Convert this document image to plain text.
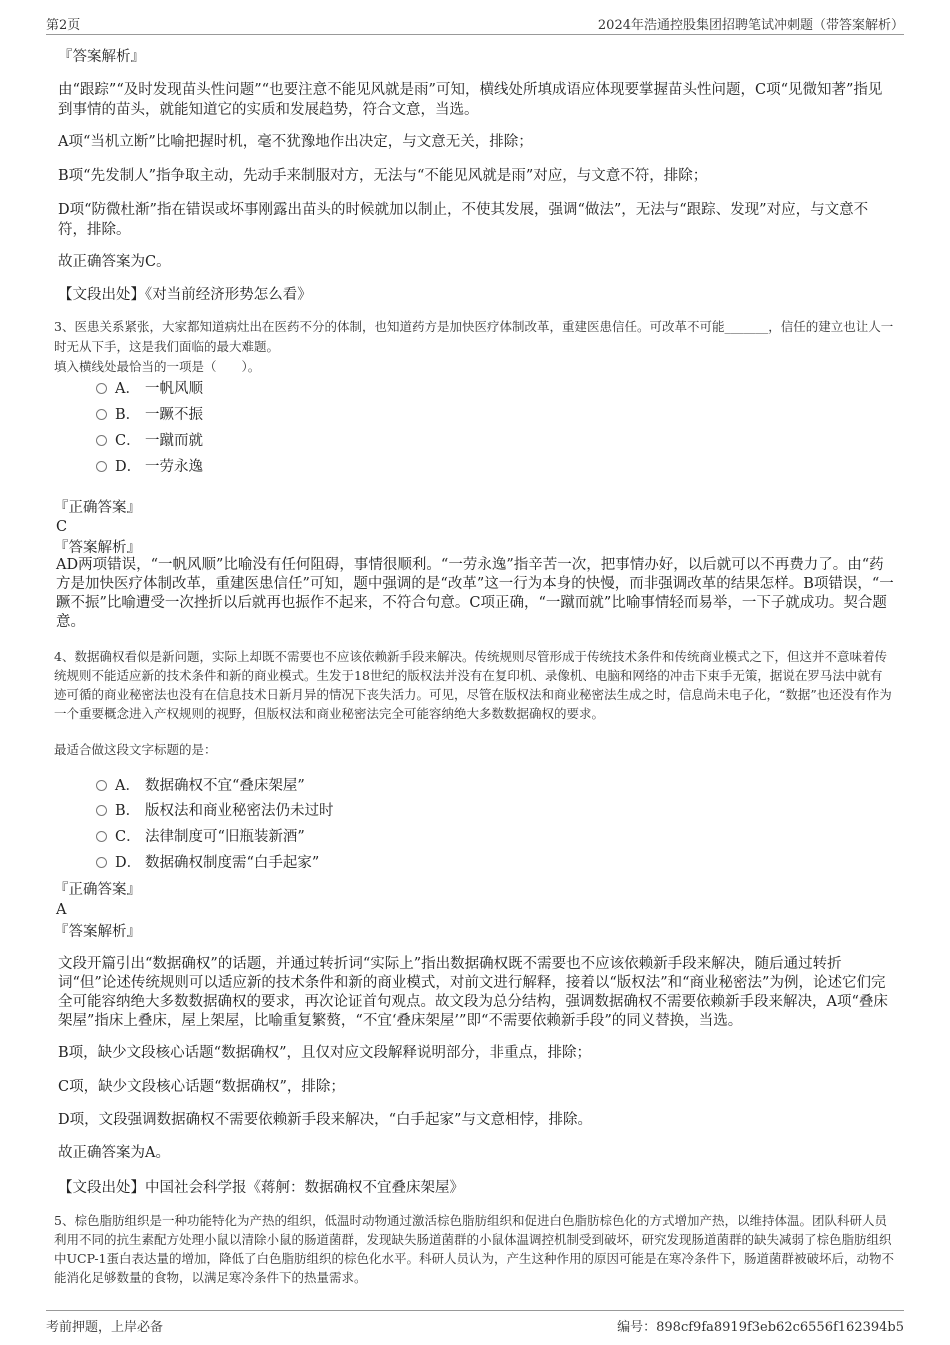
第2页	2024年浩通控股集团招聘笔试冲刺题（带答案解析）

『答案解析』

由“跟踪”“及时发现苗头性问题”“也要注意不能见风就是雨”可知，横线处所填成语应体现要掌握苗头性问题，C项“见微知著”指见到事情的苗头，就能知道它的实质和发展趋势，符合文意，当选。

A项“当机立断”比喻把握时机，毫不犹豫地作出决定，与文意无关，排除；

B项“先发制人”指争取主动，先动手来制服对方，无法与“不能见风就是雨”对应，与文意不符，排除；

D项“防微杜渐”指在错误或坏事刚露出苗头的时候就加以制止，不使其发展，强调“做法”，无法与“跟踪、发现”对应，与文意不符，排除。

故正确答案为C。

【文段出处】《对当前经济形势怎么看》

3、医患关系紧张，大家都知道病灶出在医药不分的体制，也知道药方是加快医疗体制改革，重建医患信任。可改革不可能_______，信任的建立也让人一时无从下手，这是我们面临的最大难题。

填入横线处最恰当的一项是（　　）。

A． 一帆风顺
B． 一蹶不振
C． 一蹴而就
D． 一劳永逸

『正确答案』

C

『答案解析』

AD两项错误，“一帆风顺”比喻没有任何阻碍，事情很顺利。“一劳永逸”指辛苦一次，把事情办好，以后就可以不再费力了。由“药方是加快医疗体制改革，重建医患信任”可知，题中强调的是“改革”这一行为本身的快慢，而非强调改革的结果怎样。B项错误，“一蹶不振”比喻遭受一次挫折以后就再也振作不起来，不符合句意。C项正确，“一蹴而就”比喻事情轻而易举，一下子就成功。契合题意。

4、数据确权看似是新问题，实际上却既不需要也不应该依赖新手段来解决。传统规则尽管形成于传统技术条件和传统商业模式之下，但这并不意味着传统规则不能适应新的技术条件和新的商业模式。生发于18世纪的版权法并没有在复印机、录像机、电脑和网络的冲击下束手无策，据说在罗马法中就有迹可循的商业秘密法也没有在信息技术日新月异的情况下丧失活力。可见，尽管在版权法和商业秘密法生成之时，信息尚未电子化，“数据”也还没有作为一个重要概念进入产权规则的视野，但版权法和商业秘密法完全可能容纳绝大多数数据确权的要求。

最适合做这段文字标题的是：

A． 数据确权不宜“叠床架屋”
B． 版权法和商业秘密法仍未过时
C． 法律制度可“旧瓶装新酒”
D． 数据确权制度需“白手起家”

『正确答案』

A

『答案解析』

文段开篇引出“数据确权”的话题，并通过转折词“实际上”指出数据确权既不需要也不应该依赖新手段来解决，随后通过转折词“但”论述传统规则可以适应新的技术条件和新的商业模式，对前文进行解释，接着以“版权法”和“商业秘密法”为例，论述它们完全可能容纳绝大多数数据确权的要求，再次论证首句观点。故文段为总分结构，强调数据确权不需要依赖新手段来解决，A项“叠床架屋”指床上叠床，屋上架屋，比喻重复繁赘，“不宜‘叠床架屋’”即“不需要依赖新手段”的同义替换，当选。

B项，缺少文段核心话题“数据确权”，且仅对应文段解释说明部分，非重点，排除；

C项，缺少文段核心话题“数据确权”，排除；

D项，文段强调数据确权不需要依赖新手段来解决，“白手起家”与文意相悖，排除。

故正确答案为A。

【文段出处】中国社会科学报《蒋舸：数据确权不宜叠床架屋》

5、棕色脂肪组织是一种功能特化为产热的组织，低温时动物通过激活棕色脂肪组织和促进白色脂肪棕色化的方式增加产热，以维持体温。团队科研人员利用不同的抗生素配方处理小鼠以清除小鼠的肠道菌群，发现缺失肠道菌群的小鼠体温调控机制受到破坏，研究发现肠道菌群的缺失减弱了棕色脂肪组织中UCP-1蛋白表达量的增加，降低了白色脂肪组织的棕色化水平。科研人员认为，产生这种作用的原因可能是在寒冷条件下，肠道菌群被破坏后，动物不能消化足够数量的食物，以满足寒冷条件下的热量需求。

考前押题，上岸必备	编号：898cf9fa8919f3eb62c6556f162394b5
